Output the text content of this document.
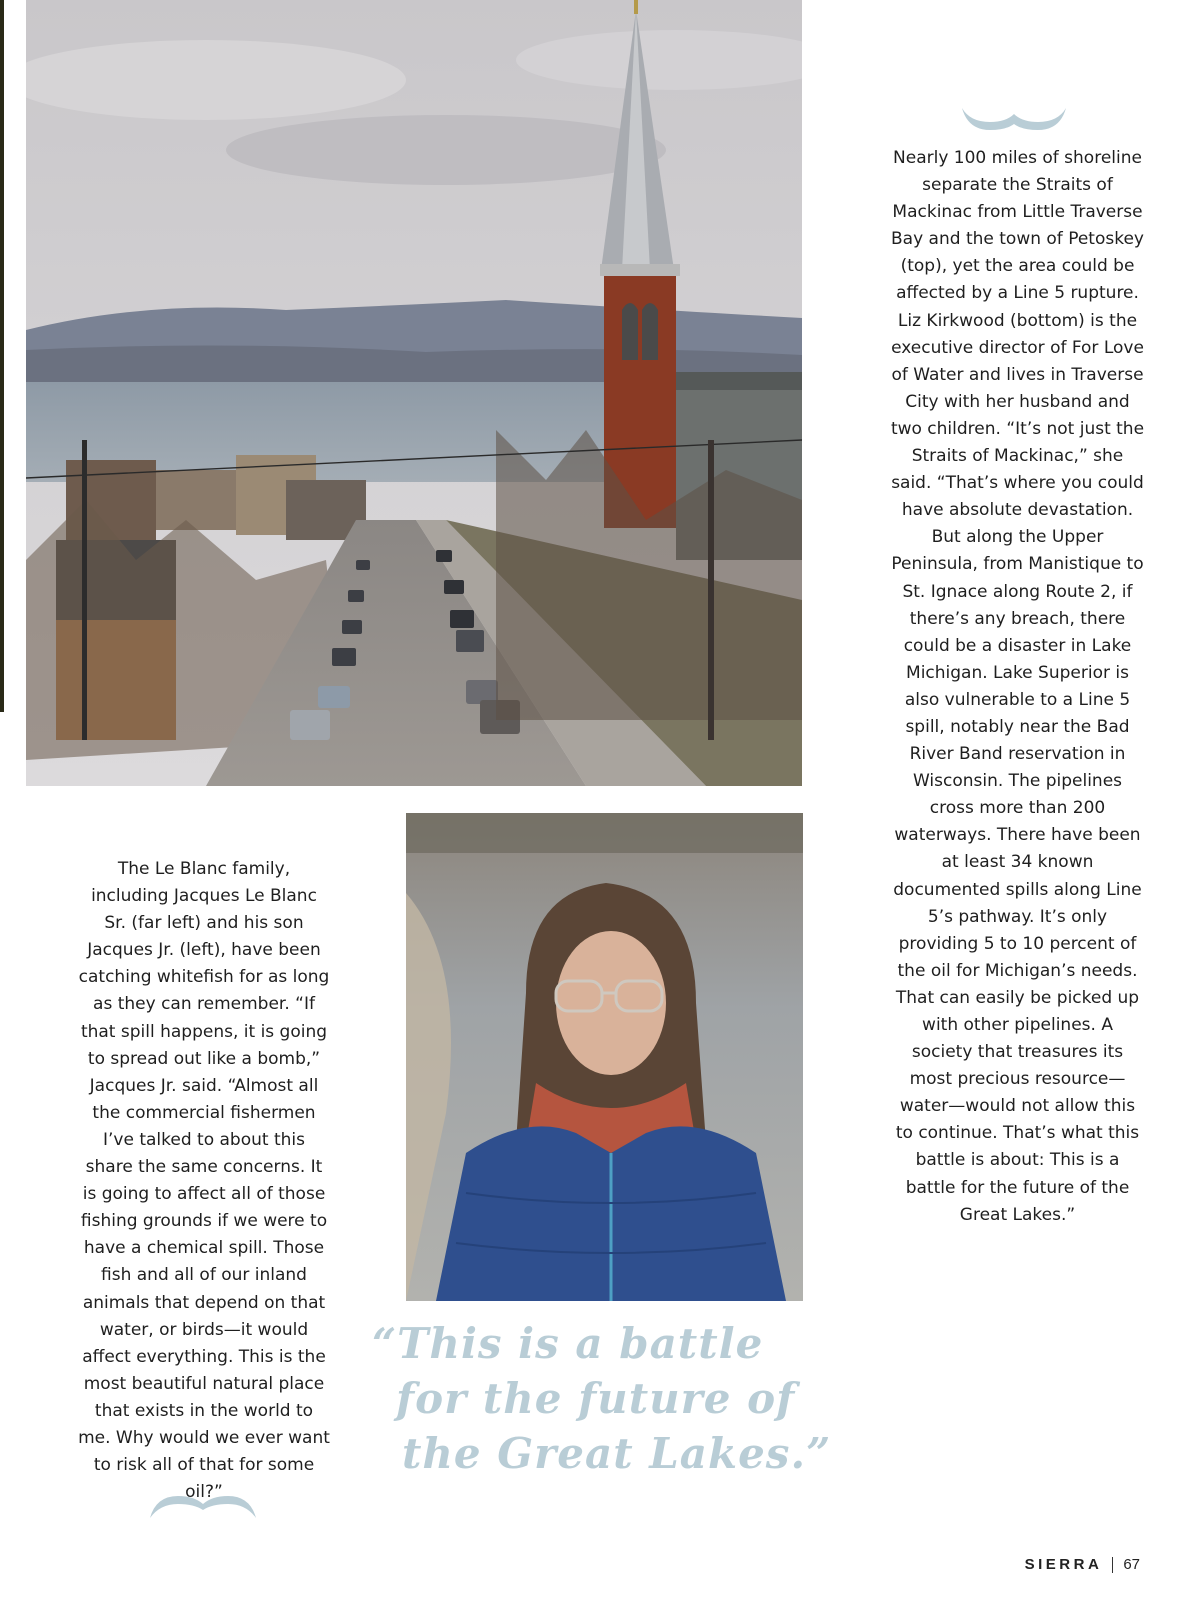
Nearly 100 miles of shoreline separate the Straits of Mackinac from Little Traverse Bay and the town of Petoskey (top), yet the area could be affected by a Line 5 rupture. Liz Kirkwood (bottom) is the executive director of For Love of Water and lives in Traverse City with her husband and two children. “It’s not just the Straits of Mackinac,” she said. “That’s where you could have absolute devastation. But along the Upper Peninsula, from Manistique to St. Ignace along Route 2, if there’s any breach, there could be a disaster in Lake Michigan. Lake Superior is also vulnerable to a Line 5 spill, notably near the Bad River Band reservation in Wisconsin. The pipelines cross more than 200 waterways. There have been at least 34 known documented spills along Line 5’s pathway. It’s only providing 5 to 10 percent of the oil for Michigan’s needs. That can easily be picked up with other pipelines. A society that treasures its most precious resource—water—would not allow this to continue. That’s what this battle is about: This is a battle for the future of the Great Lakes.”
The Le Blanc family, including Jacques Le Blanc Sr. (far left) and his son Jacques Jr. (left), have been catching whitefish for as long as they can remember. “If that spill happens, it is going to spread out like a bomb,” Jacques Jr. said. “Almost all the commercial fishermen I’ve talked to about this share the same concerns. It is going to affect all of those fishing grounds if we were to have a chemical spill. Those fish and all of our inland animals that depend on that water, or birds—it would affect everything. This is the most beautiful natural place that exists in the world to me. Why would we ever want to risk all of that for some oil?”
“This is a battle
for the future of
the Great Lakes.”
SIERRA 67
